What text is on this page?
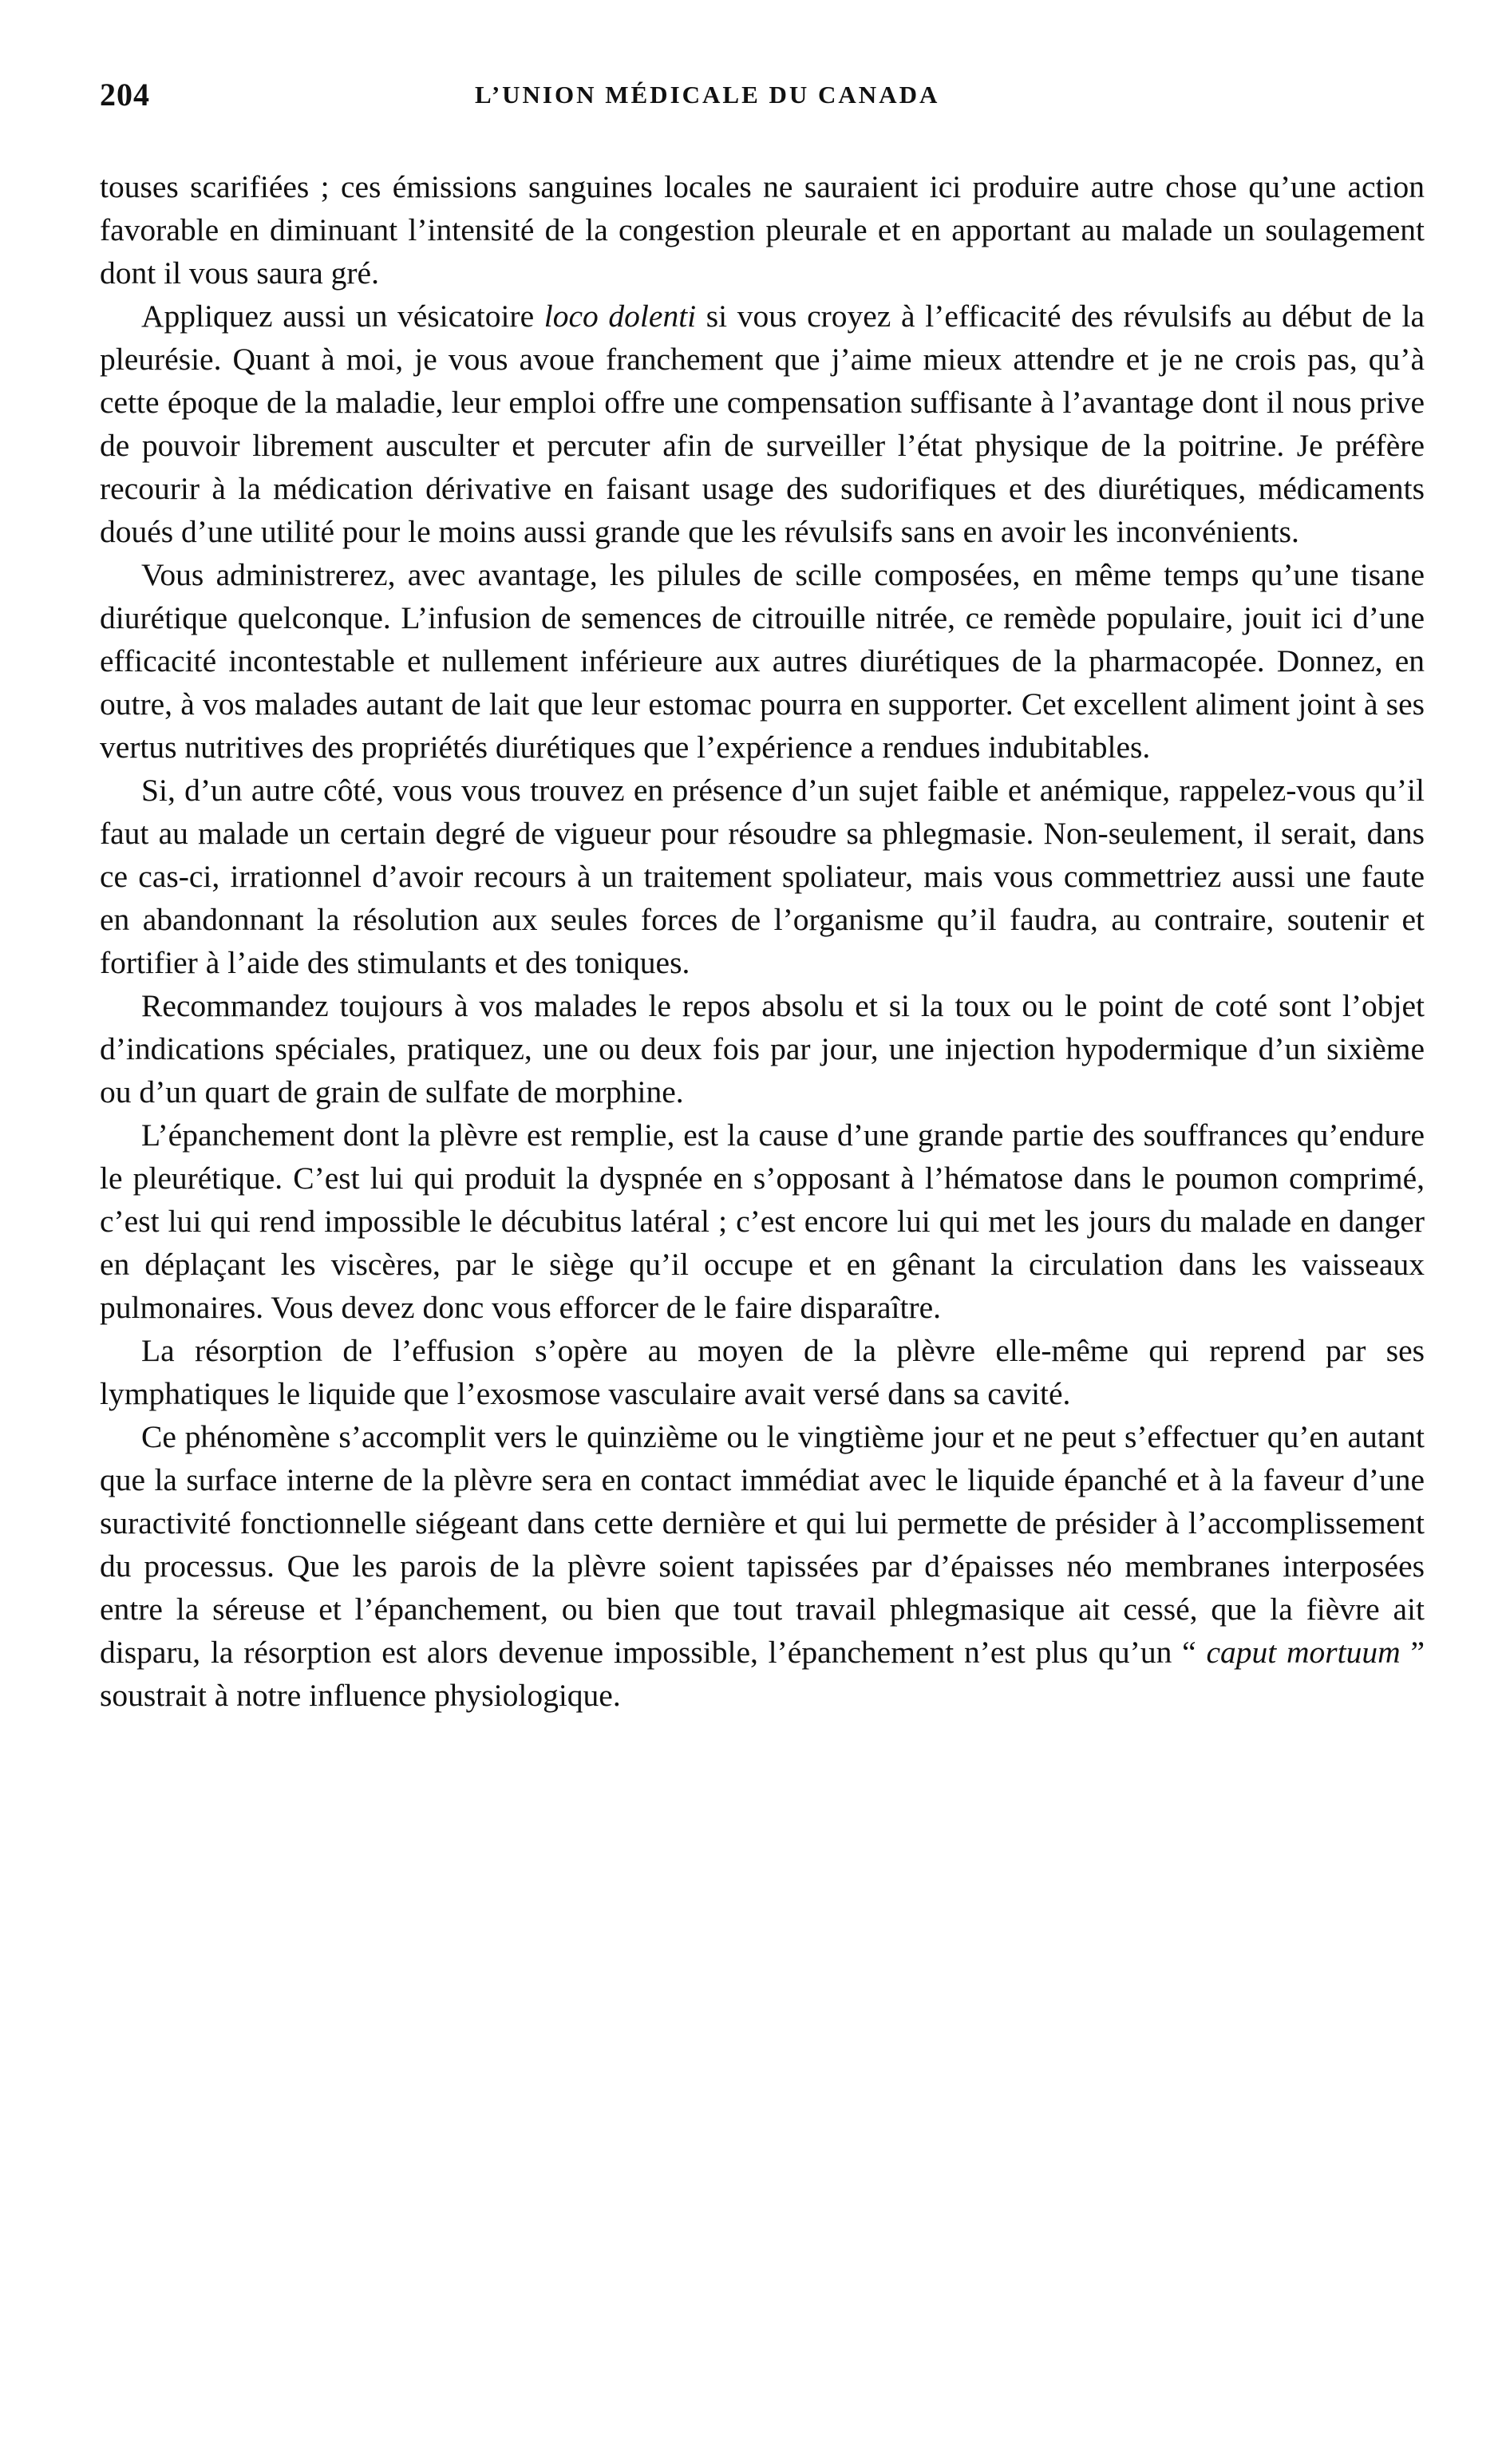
204	L’UNION MÉDICALE DU CANADA

touses scarifiées ; ces émissions sanguines locales ne sauraient ici produire autre chose qu’une action favorable en diminuant l’intensité de la congestion pleurale et en apportant au malade un soulagement dont il vous saura gré.

Appliquez aussi un vésicatoire loco dolenti si vous croyez à l’efficacité des révulsifs au début de la pleurésie. Quant à moi, je vous avoue franchement que j’aime mieux attendre et je ne crois pas, qu’à cette époque de la maladie, leur emploi offre une compensation suffisante à l’avantage dont il nous prive de pouvoir librement ausculter et percuter afin de surveiller l’état physique de la poitrine. Je préfère recourir à la médication dérivative en faisant usage des sudorifiques et des diurétiques, médicaments doués d’une utilité pour le moins aussi grande que les révulsifs sans en avoir les inconvénients.

Vous administrerez, avec avantage, les pilules de scille composées, en même temps qu’une tisane diurétique quelconque. L’infusion de semences de citrouille nitrée, ce remède populaire, jouit ici d’une efficacité incontestable et nullement inférieure aux autres diurétiques de la pharmacopée. Donnez, en outre, à vos malades autant de lait que leur estomac pourra en supporter. Cet excellent aliment joint à ses vertus nutritives des propriétés diurétiques que l’expérience a rendues indubitables.

Si, d’un autre côté, vous vous trouvez en présence d’un sujet faible et anémique, rappelez-vous qu’il faut au malade un certain degré de vigueur pour résoudre sa phlegmasie. Non-seulement, il serait, dans ce cas-ci, irrationnel d’avoir recours à un traitement spoliateur, mais vous commettriez aussi une faute en abandonnant la résolution aux seules forces de l’organisme qu’il faudra, au contraire, soutenir et fortifier à l’aide des stimulants et des toniques.

Recommandez toujours à vos malades le repos absolu et si la toux ou le point de coté sont l’objet d’indications spéciales, pratiquez, une ou deux fois par jour, une injection hypodermique d’un sixième ou d’un quart de grain de sulfate de morphine.

L’épanchement dont la plèvre est remplie, est la cause d’une grande partie des souffrances qu’endure le pleurétique. C’est lui qui produit la dyspnée en s’opposant à l’hématose dans le poumon comprimé, c’est lui qui rend impossible le décubitus latéral ; c’est encore lui qui met les jours du malade en danger en déplaçant les viscères, par le siège qu’il occupe et en gênant la circulation dans les vaisseaux pulmonaires. Vous devez donc vous efforcer de le faire disparaître.

La résorption de l’effusion s’opère au moyen de la plèvre elle-même qui reprend par ses lymphatiques le liquide que l’exosmose vasculaire avait versé dans sa cavité.

Ce phénomène s’accomplit vers le quinzième ou le vingtième jour et ne peut s’effectuer qu’en autant que la surface interne de la plèvre sera en contact immédiat avec le liquide épanché et à la faveur d’une suractivité fonctionnelle siégeant dans cette dernière et qui lui permette de présider à l’accomplissement du processus. Que les parois de la plèvre soient tapissées par d’épaisses néo membranes interposées entre la séreuse et l’épanchement, ou bien que tout travail phlegmasique ait cessé, que la fièvre ait disparu, la résorption est alors devenue impossible, l’épanchement n’est plus qu’un “ caput mortuum ” soustrait à notre influence physiologique.
